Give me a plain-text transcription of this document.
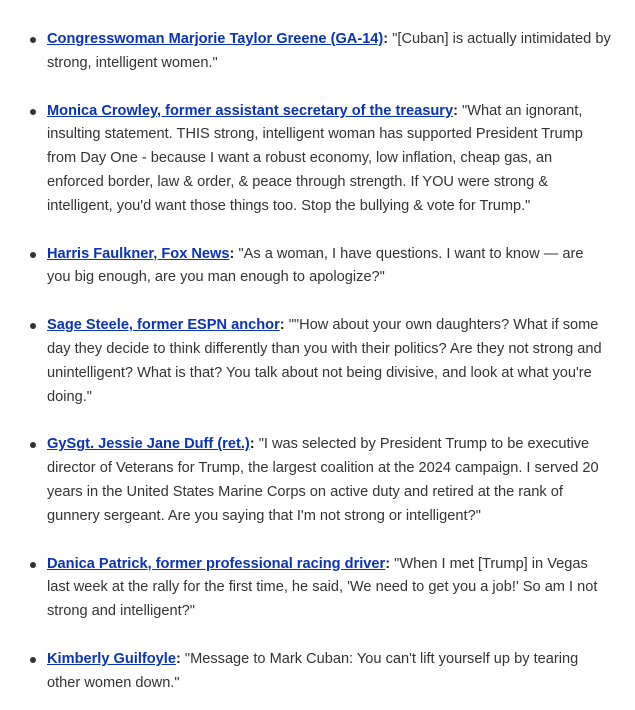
Congresswoman Marjorie Taylor Greene (GA-14): "[Cuban] is actually intimidated by strong, intelligent women."
Monica Crowley, former assistant secretary of the treasury: "What an ignorant, insulting statement. THIS strong, intelligent woman has supported President Trump from Day One - because I want a robust economy, low inflation, cheap gas, an enforced border, law & order, & peace through strength. If YOU were strong & intelligent, you'd want those things too. Stop the bullying & vote for Trump."
Harris Faulkner, Fox News: "As a woman, I have questions. I want to know — are you big enough, are you man enough to apologize?"
Sage Steele, former ESPN anchor: ""How about your own daughters? What if some day they decide to think differently than you with their politics? Are they not strong and unintelligent? What is that? You talk about not being divisive, and look at what you're doing."
GySgt. Jessie Jane Duff (ret.): "I was selected by President Trump to be executive director of Veterans for Trump, the largest coalition at the 2024 campaign. I served 20 years in the United States Marine Corps on active duty and retired at the rank of gunnery sergeant. Are you saying that I'm not strong or intelligent?"
Danica Patrick, former professional racing driver: "When I met [Trump] in Vegas last week at the rally for the first time, he said, 'We need to get you a job!' So am I not strong and intelligent?"
Kimberly Guilfoyle: "Message to Mark Cuban: You can't lift yourself up by tearing other women down."
